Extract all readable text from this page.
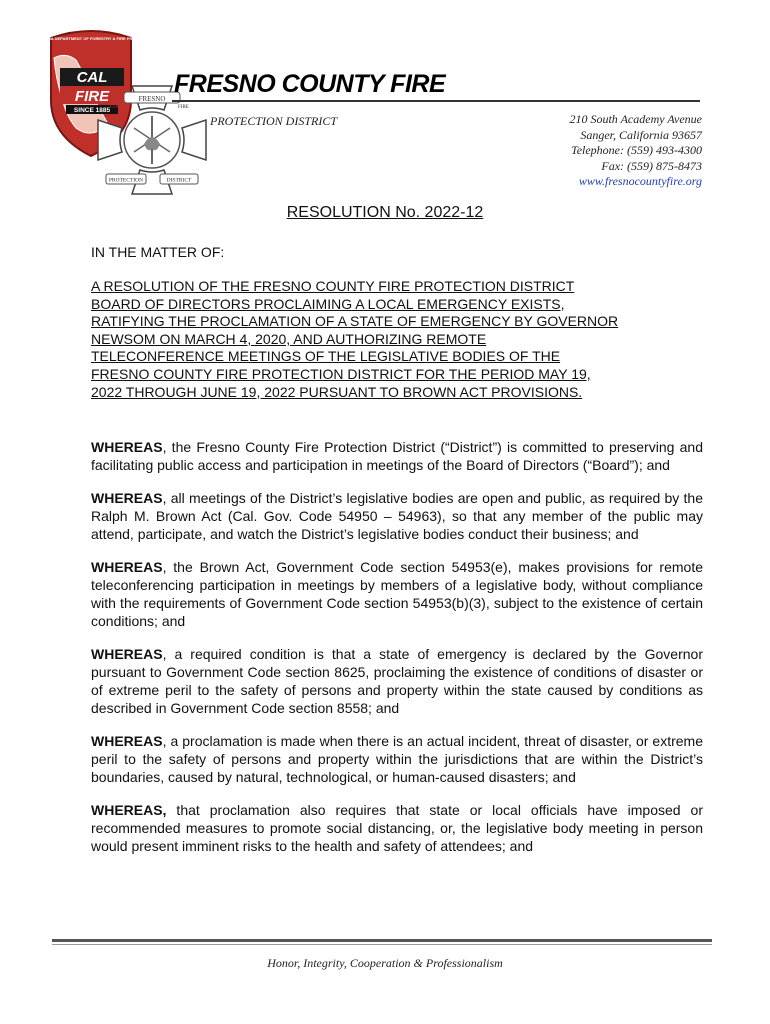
CALIFORNIA DEPARTMENT OF FORESTRY & FIRE PROTECTION
CAL
FIRE
SINCE 1885
FRESNO
COUNTY	FIRE
PROTECTION	DISTRICT
FRESNO COUNTY FIRE
PROTECTION DISTRICT	210 South Academy Avenue
Sanger, California 93657
Telephone: (559) 493-4300
Fax: (559) 875-8473
www.fresnocountyfire.org
RESOLUTION No. 2022-12
IN THE MATTER OF:
A RESOLUTION OF THE FRESNO COUNTY FIRE PROTECTION DISTRICT BOARD OF DIRECTORS PROCLAIMING A LOCAL EMERGENCY EXISTS, RATIFYING THE PROCLAMATION OF A STATE OF EMERGENCY BY GOVERNOR NEWSOM ON MARCH 4, 2020, AND AUTHORIZING REMOTE TELECONFERENCE MEETINGS OF THE LEGISLATIVE BODIES OF THE FRESNO COUNTY FIRE PROTECTION DISTRICT FOR THE PERIOD MAY 19, 2022 THROUGH JUNE 19, 2022 PURSUANT TO BROWN ACT PROVISIONS.

WHEREAS, the Fresno County Fire Protection District (“District”) is committed to preserving and facilitating public access and participation in meetings of the Board of Directors (“Board”); and

WHEREAS, all meetings of the District’s legislative bodies are open and public, as required by the Ralph M. Brown Act (Cal. Gov. Code 54950 – 54963), so that any member of the public may attend, participate, and watch the District’s legislative bodies conduct their business; and

WHEREAS, the Brown Act, Government Code section 54953(e), makes provisions for remote teleconferencing participation in meetings by members of a legislative body, without compliance with the requirements of Government Code section 54953(b)(3), subject to the existence of certain conditions; and

WHEREAS, a required condition is that a state of emergency is declared by the Governor pursuant to Government Code section 8625, proclaiming the existence of conditions of disaster or of extreme peril to the safety of persons and property within the state caused by conditions as described in Government Code section 8558; and

WHEREAS, a proclamation is made when there is an actual incident, threat of disaster, or extreme peril to the safety of persons and property within the jurisdictions that are within the District’s boundaries, caused by natural, technological, or human-caused disasters; and

WHEREAS, that proclamation also requires that state or local officials have imposed or recommended measures to promote social distancing, or, the legislative body meeting in person would present imminent risks to the health and safety of attendees; and

Honor, Integrity, Cooperation & Professionalism
